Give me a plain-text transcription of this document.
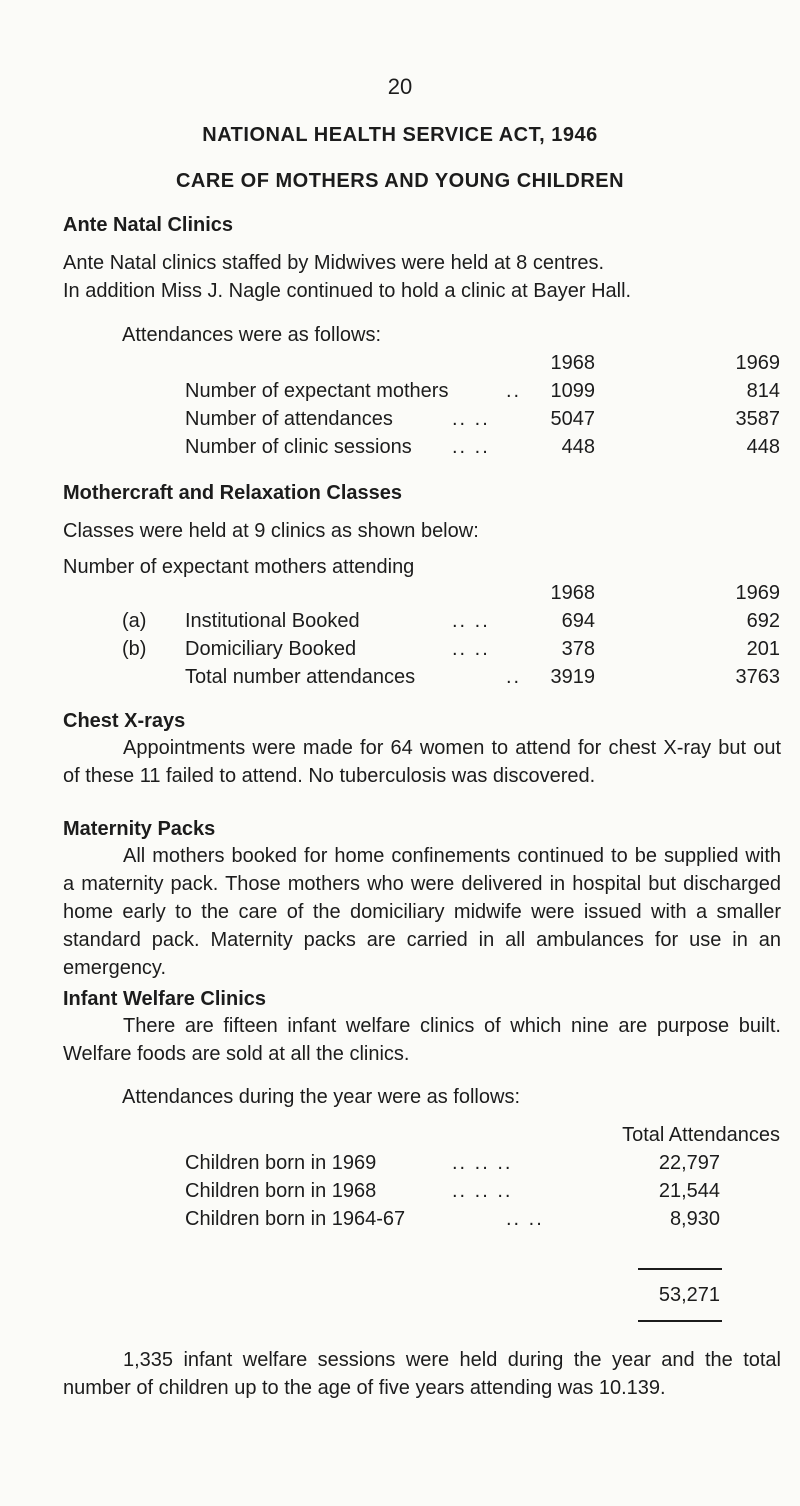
20
NATIONAL HEALTH SERVICE ACT, 1946
CARE OF MOTHERS AND YOUNG CHILDREN
Ante Natal Clinics
Ante Natal clinics staffed by Midwives were held at 8 centres.
In addition Miss J. Nagle continued to hold a clinic at Bayer Hall.
Attendances were as follows:
1968	1969
Number of expectant mothers	..	1099	814
Number of attendances	.. ..	5047	3587
Number of clinic sessions .. ..	448	448
Mothercraft and Relaxation Classes
Classes were held at 9 clinics as shown below:
Number of expectant mothers attending
1968	1969
(a) Institutional Booked	.. ..	694	692
(b) Domiciliary Booked	.. ..	378	201
Total number attendances	..	3919	3763
Chest X-rays
Appointments were made for 64 women to attend for chest X-ray but out of these 11 failed to attend. No tuberculosis was discovered.
Maternity Packs
All mothers booked for home confinements continued to be supplied with a maternity pack. Those mothers who were delivered in hospital but discharged home early to the care of the domiciliary midwife were issued with a smaller standard pack. Maternity packs are carried in all ambulances for use in an emergency.
Infant Welfare Clinics
There are fifteen infant welfare clinics of which nine are purpose built. Welfare foods are sold at all the clinics.
Attendances during the year were as follows:
Total Attendances
Children born in 1969	.. .. ..	22,797
Children born in 1968	.. .. ..	21,544
Children born in 1964-67	.. ..	8,930
53,271
1,335 infant welfare sessions were held during the year and the total number of children up to the age of five years attending was 10.139.
